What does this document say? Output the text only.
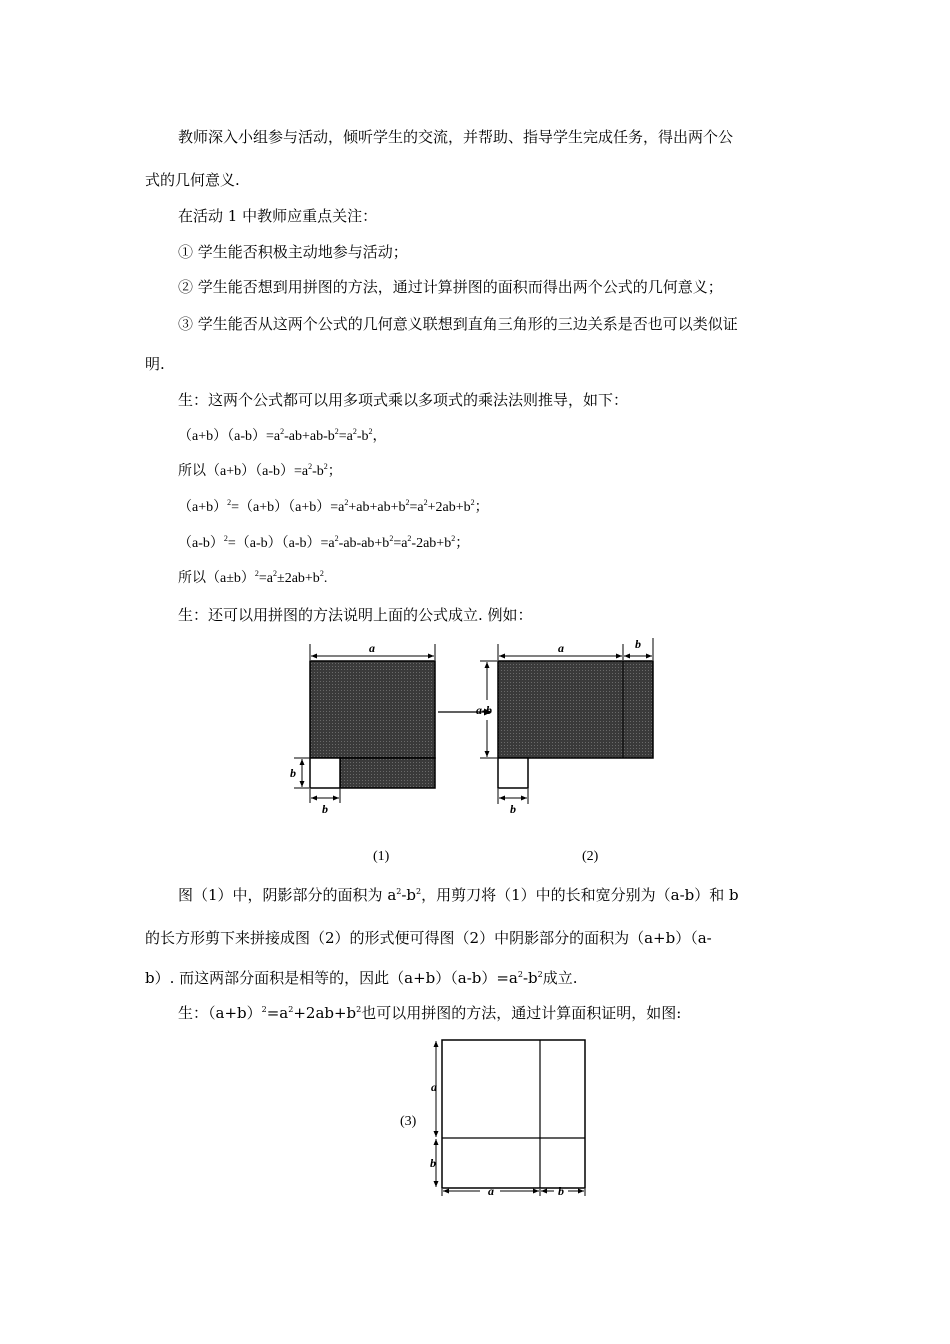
教师深入小组参与活动，倾听学生的交流，并帮助、指导学生完成任务，得出两个公
式的几何意义.
在活动 1 中教师应重点关注：
① 学生能否积极主动地参与活动；
② 学生能否想到用拼图的方法，通过计算拼图的面积而得出两个公式的几何意义；
③ 学生能否从这两个公式的几何意义联想到直角三角形的三边关系是否也可以类似证
明.
生：这两个公式都可以用多项式乘以多项式的乘法法则推导，如下：
$(a+b)(a-b)=a^2-ab+ab-b^2=a^2-b^2$，
所以$(a+b)(a-b)=a^2-b^2$；
$(a+b)^2=(a+b)(a+b)=a^2+ab+ab+b^2=a^2+2ab+b^2$；
$(a-b)^2=(a-b)(a-b)=a^2-ab-ab+b^2=a^2-2ab+b^2$；
所以$(a\pm b)^2=a^2\pm 2ab+b^2$.
生：还可以用拼图的方法说明上面的公式成立. 例如：
a
b
b
a	b
a-b
b
(1)	(2)
图（1）中，阴影部分的面积为 $a^2-b^2$，用剪刀将（1）中的长和宽分别为（a-b）和 b
的长方形剪下来拼接成图（2）的形式便可得图（2）中阴影部分的面积为（a+b）（a-
b）. 而这两部分面积是相等的，因此$(a+b)(a-b)=a^2-b^2$成立.
生：$(a+b)^2=a^2+2ab+b^2$也可以用拼图的方法，通过计算面积证明，如图:
(3)
a
b
a	b
